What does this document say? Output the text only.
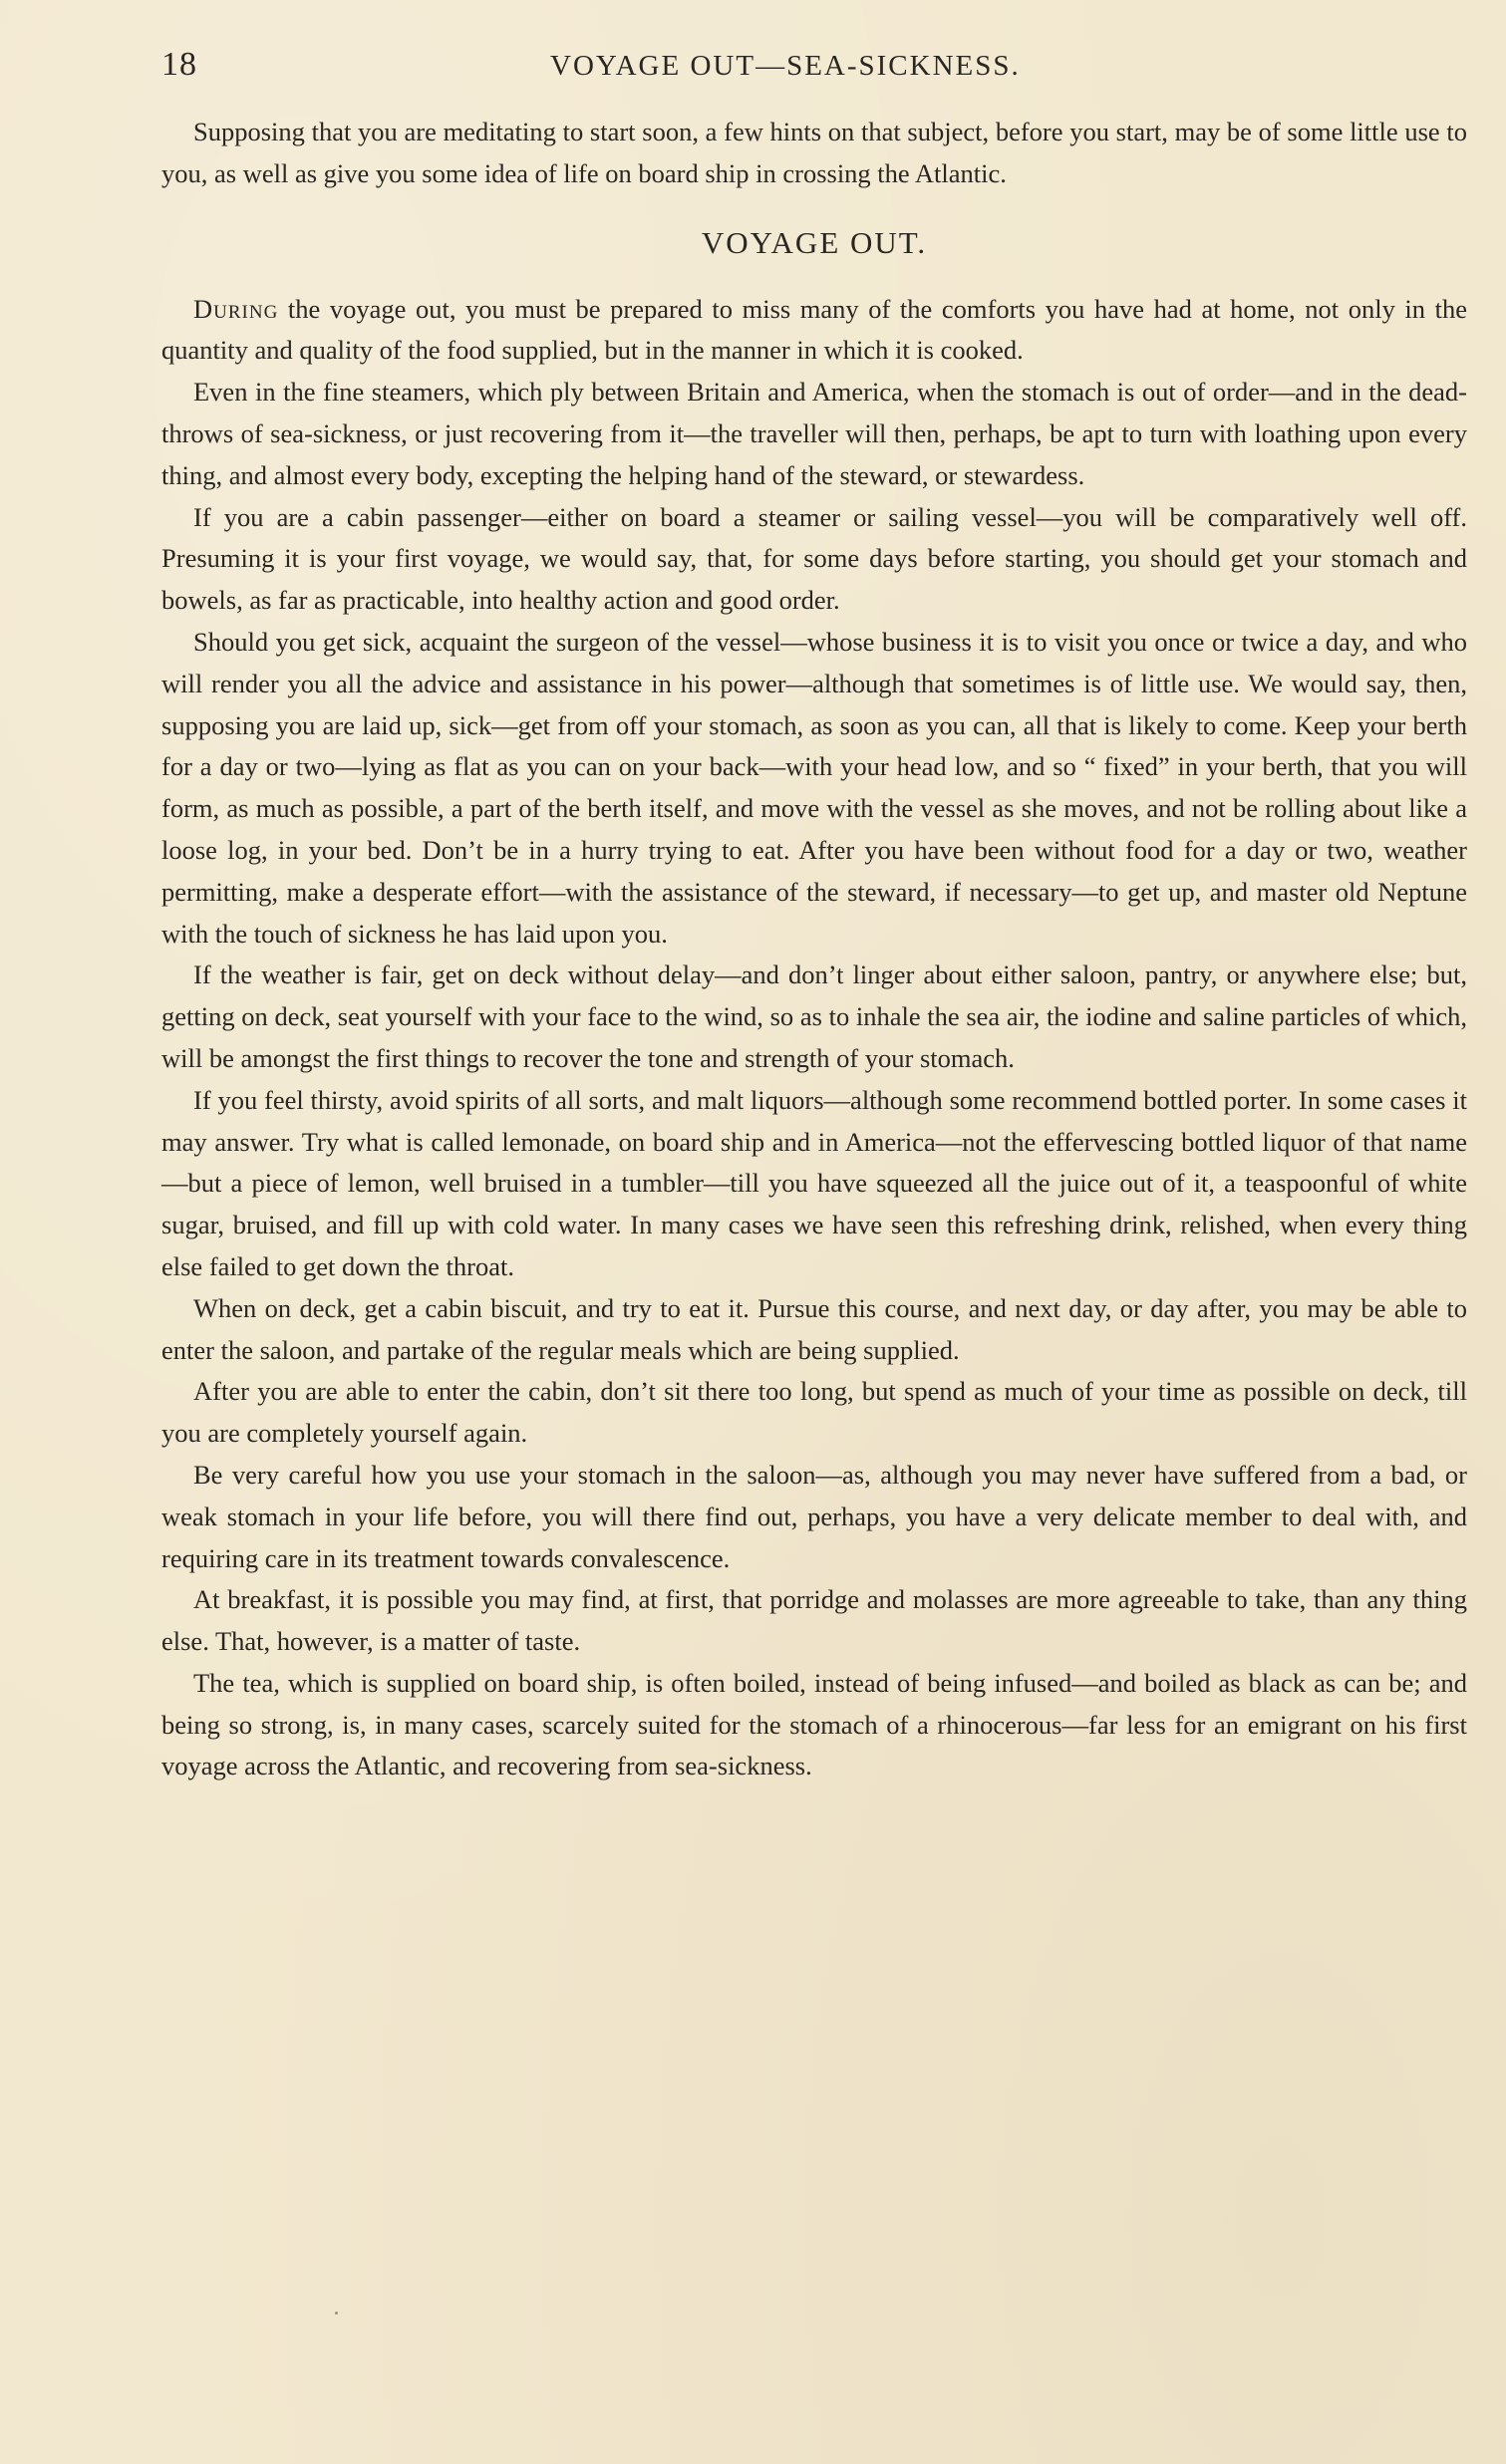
18	VOYAGE OUT—SEA-SICKNESS.

Supposing that you are meditating to start soon, a few hints on that subject, before you start, may be of some little use to you, as well as give you some idea of life on board ship in crossing the Atlantic.

VOYAGE OUT.

During the voyage out, you must be prepared to miss many of the comforts you have had at home, not only in the quantity and quality of the food supplied, but in the manner in which it is cooked.

Even in the fine steamers, which ply between Britain and America, when the stomach is out of order—and in the dead-throws of sea-sickness, or just recovering from it—the traveller will then, perhaps, be apt to turn with loathing upon every thing, and almost every body, excepting the helping hand of the steward, or stewardess.

If you are a cabin passenger—either on board a steamer or sailing vessel—you will be comparatively well off. Presuming it is your first voyage, we would say, that, for some days before starting, you should get your stomach and bowels, as far as practicable, into healthy action and good order.

Should you get sick, acquaint the surgeon of the vessel—whose business it is to visit you once or twice a day, and who will render you all the advice and assistance in his power—although that sometimes is of little use. We would say, then, supposing you are laid up, sick—get from off your stomach, as soon as you can, all that is likely to come. Keep your berth for a day or two—lying as flat as you can on your back—with your head low, and so “ fixed” in your berth, that you will form, as much as possible, a part of the berth itself, and move with the vessel as she moves, and not be rolling about like a loose log, in your bed. Don’t be in a hurry trying to eat. After you have been without food for a day or two, weather permitting, make a desperate effort—with the assistance of the steward, if necessary—to get up, and master old Neptune with the touch of sickness he has laid upon you.

If the weather is fair, get on deck without delay—and don’t linger about either saloon, pantry, or anywhere else; but, getting on deck, seat yourself with your face to the wind, so as to inhale the sea air, the iodine and saline particles of which, will be amongst the first things to recover the tone and strength of your stomach.

If you feel thirsty, avoid spirits of all sorts, and malt liquors—although some recommend bottled porter. In some cases it may answer. Try what is called lemonade, on board ship and in America—not the effervescing bottled liquor of that name—but a piece of lemon, well bruised in a tumbler—till you have squeezed all the juice out of it, a teaspoonful of white sugar, bruised, and fill up with cold water. In many cases we have seen this refreshing drink, relished, when every thing else failed to get down the throat.

When on deck, get a cabin biscuit, and try to eat it. Pursue this course, and next day, or day after, you may be able to enter the saloon, and partake of the regular meals which are being supplied.

After you are able to enter the cabin, don’t sit there too long, but spend as much of your time as possible on deck, till you are completely yourself again.

Be very careful how you use your stomach in the saloon—as, although you may never have suffered from a bad, or weak stomach in your life before, you will there find out, perhaps, you have a very delicate member to deal with, and requiring care in its treatment towards convalescence.

At breakfast, it is possible you may find, at first, that porridge and molasses are more agreeable to take, than any thing else. That, however, is a matter of taste.

The tea, which is supplied on board ship, is often boiled, instead of being infused—and boiled as black as can be; and being so strong, is, in many cases, scarcely suited for the stomach of a rhinocerous—far less for an emigrant on his first voyage across the Atlantic, and recovering from sea-sickness.
